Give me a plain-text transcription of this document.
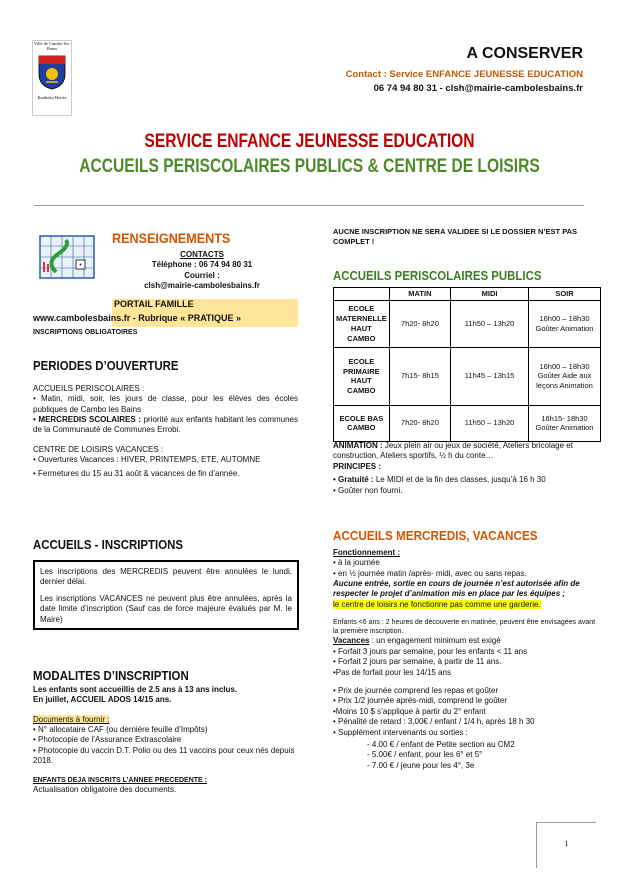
Ville de Cambo-les-Bains
Kanboko Herria
A CONSERVER
Contact : Service ENFANCE JEUNESSE EDUCATION
06 74 94 80 31 - clsh@mairie-cambolesbains.fr
SERVICE ENFANCE JEUNESSE EDUCATION
ACCUEILS PERISCOLAIRES PUBLICS & CENTRE DE LOISIRS
RENSEIGNEMENTS
CONTACTS
Téléphone : 06 74 94 80 31
Courriel :
clsh@mairie-cambolesbains.fr
PORTAIL FAMILLE
www.cambolesbains.fr - Rubrique « PRATIQUE »
INSCRIPTIONS OBLIGATOIRES
PERIODES D’OUVERTURE
ACCUEILS PERISCOLAIRES :
• Matin, midi, soir, les jours de classe, pour les élèves des écoles publiques de Cambo les Bains
• MERCREDIS SCOLAIRES : priorité aux enfants habitant les communes de la Communauté de Communes Errobi.
CENTRE DE LOISIRS VACANCES :
• Ouvertures Vacances : HIVER, PRINTEMPS, ETE, AUTOMNE
• Fermetures du 15 au 31 août & vacances de fin d’année.
ACCUEILS - INSCRIPTIONS
Les inscriptions des MERCREDIS peuvent être annulées le lundi, dernier délai.
Les inscriptions VACANCES ne peuvent plus être annulées, après la date limite d’inscription (Sauf cas de force majeure évalués par M. le Maire)
MODALITES D’INSCRIPTION
Les enfants sont accueillis de 2.5 ans à 13 ans inclus.
En juillet, ACCUEIL ADOS 14/15 ans.
Documents à fournir :
• N° allocataire CAF (ou dernière feuille d’Impôts)
• Photocopie de l’Assurance Extrascolaire
• Photocopie du vaccin D.T. Polio ou des 11 vaccins pour ceux nés depuis 2018.
ENFANTS DEJA INSCRITS L’ANNEE PRECEDENTE :
Actualisation obligatoire des documents.
AUCNE INSCRIPTION NE SERA VALIDEE SI LE DOSSIER N’EST PAS COMPLET !
ACCUEILS PERISCOLAIRES PUBLICS
	MATIN	MIDI	SOIR
ECOLE MATERNELLE HAUT CAMBO	7h20- 8h20	11h50 – 13h20	16h00 – 18h30 Goûter Animation
ECOLE PRIMAIRE HAUT CAMBO	7h15- 8h15	11h45 – 13h15	16h00 – 18h30 Goûter Aide aux leçons Animation
ECOLE BAS CAMBO	7h20- 8h20	11h50 – 13h20	16h15- 18h30 Goûter Animation
ANIMATION : Jeux plein air ou jeux de société, Ateliers bricolage et construction, Ateliers sportifs, ½ h du conte…
PRINCIPES :
• Gratuité : Le MIDI et de la fin des classes, jusqu’à 16 h 30
• Goûter non fourni.
ACCUEILS MERCREDIS, VACANCES
Fonctionnement :
• à la journée
• en ½ journée matin /après- midi, avec ou sans repas.
Aucune entrée, sortie en cours de journée n’est autorisée afin de respecter le projet d’animation mis en place par les équipes ;
le centre de loisirs ne fonctionne pas comme une garderie.
Enfants <6 ans : 2 heures de découverte en matinée, peuvent être envisagées avant la première inscription.
Vacances : un engagement minimum est exigé
• Forfait 3 jours par semaine, pour les enfants < 11 ans
• Forfait 2 jours par semaine, à partir de 11 ans.
•Pas de forfait pour les 14/15 ans
• Prix de journée comprend les repas et goûter
• Prix 1/2 journée après-midi, comprend le goûter
•Moins 10 $ s’applique à partir du 2° enfant
• Pénalité de retard : 3,00€ / enfant / 1/4 h, après 18 h 30
• Supplément intervenants ou sorties :
- 4.00 € / enfant de Petite section au CM2
- 5.00€ / enfant, pour les 6° et 5°
- 7.00 € / jeune pour les 4°, 3e
1
